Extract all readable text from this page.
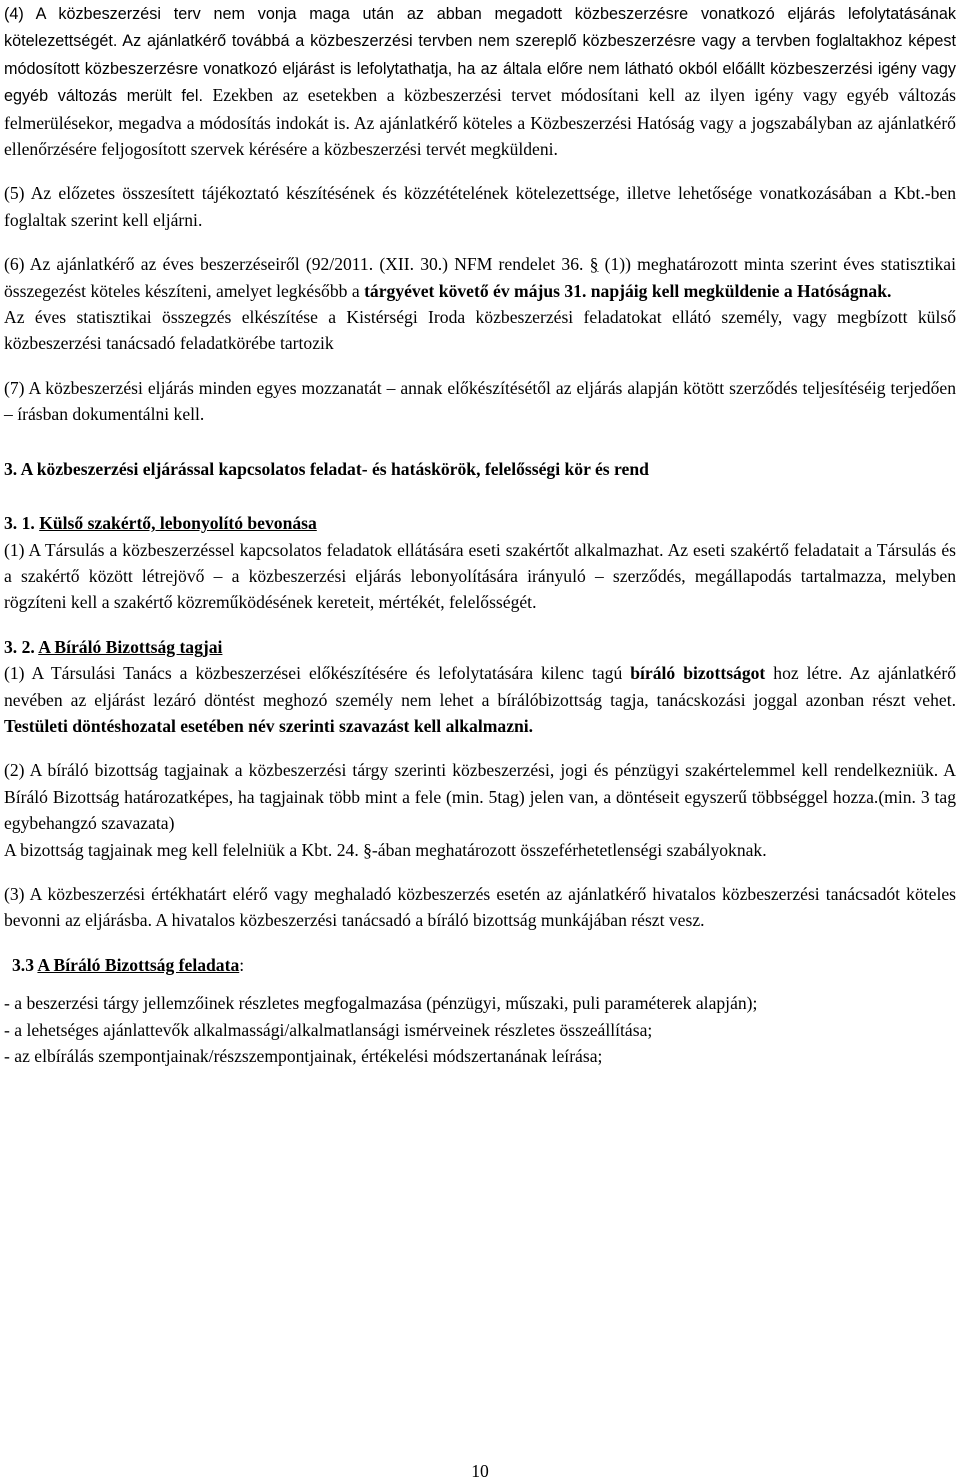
(4) A közbeszerzési terv nem vonja maga után az abban megadott közbeszerzésre vonatkozó eljárás lefolytatásának kötelezettségét. Az ajánlatkérő továbbá a közbeszerzési tervben nem szereplő közbeszerzésre vagy a tervben foglaltakhoz képest módosított közbeszerzésre vonatkozó eljárást is lefolytathatja, ha az általa előre nem látható okból előállt közbeszerzési igény vagy egyéb változás merült fel. Ezekben az esetekben a közbeszerzési tervet módosítani kell az ilyen igény vagy egyéb változás felmerülésekor, megadva a módosítás indokát is. Az ajánlatkérő köteles a Közbeszerzési Hatóság vagy a jogszabályban az ajánlatkérő ellenőrzésére feljogosított szervek kérésére a közbeszerzési tervét megküldeni.

(5) Az előzetes összesített tájékoztató készítésének és közzétételének kötelezettsége, illetve lehetősége vonatkozásában a Kbt.-ben foglaltak szerint kell eljárni.

(6) Az ajánlatkérő az éves beszerzéseiről (92/2011. (XII. 30.) NFM rendelet 36. § (1)) meghatározott minta szerint éves statisztikai összegezést köteles készíteni, amelyet legkésőbb a tárgyévet követő év május 31. napjáig kell megküldenie a Hatóságnak.

Az éves statisztikai összegzés elkészítése a Kistérségi Iroda közbeszerzési feladatokat ellátó személy, vagy megbízott külső közbeszerzési tanácsadó feladatkörébe tartozik

(7) A közbeszerzési eljárás minden egyes mozzanatát – annak előkészítésétől az eljárás alapján kötött szerződés teljesítéséig terjedően – írásban dokumentálni kell.

3. A közbeszerzési eljárással kapcsolatos feladat- és hatáskörök, felelősségi kör és rend

3. 1. Külső szakértő, lebonyolító bevonása

(1) A Társulás a közbeszerzéssel kapcsolatos feladatok ellátására eseti szakértőt alkalmazhat. Az eseti szakértő feladatait a Társulás és a szakértő között létrejövő – a közbeszerzési eljárás lebonyolítására irányuló – szerződés, megállapodás tartalmazza, melyben rögzíteni kell a szakértő közreműködésének kereteit, mértékét, felelősségét.

3. 2. A Bíráló Bizottság tagjai

(1) A Társulási Tanács a közbeszerzései előkészítésére és lefolytatására kilenc tagú bíráló bizottságot hoz létre. Az ajánlatkérő nevében az eljárást lezáró döntést meghozó személy nem lehet a bírálóbizottság tagja, tanácskozási joggal azonban részt vehet. Testületi döntéshozatal esetében név szerinti szavazást kell alkalmazni.

(2) A bíráló bizottság tagjainak a közbeszerzési tárgy szerinti közbeszerzési, jogi és pénzügyi szakértelemmel kell rendelkezniük. A Bíráló Bizottság határozatképes, ha tagjainak több mint a fele (min. 5tag) jelen van, a döntéseit egyszerű többséggel hozza.(min. 3 tag egybehangzó szavazata)

A bizottság tagjainak meg kell felelniük a Kbt. 24. §-ában meghatározott összeférhetetlenségi szabályoknak.

(3) A közbeszerzési értékhatárt elérő vagy meghaladó közbeszerzés esetén az ajánlatkérő hivatalos közbeszerzési tanácsadót köteles bevonni az eljárásba. A hivatalos közbeszerzési tanácsadó a bíráló bizottság munkájában részt vesz.

3.3 A Bíráló Bizottság feladata:

- a beszerzési tárgy jellemzőinek részletes megfogalmazása (pénzügyi, műszaki, puli paraméterek alapján);

- a lehetséges ajánlattevők alkalmassági/alkalmatlansági ismérveinek részletes összeállítása;

- az elbírálás szempontjainak/részszempontjainak, értékelési módszertanának leírása;

10
